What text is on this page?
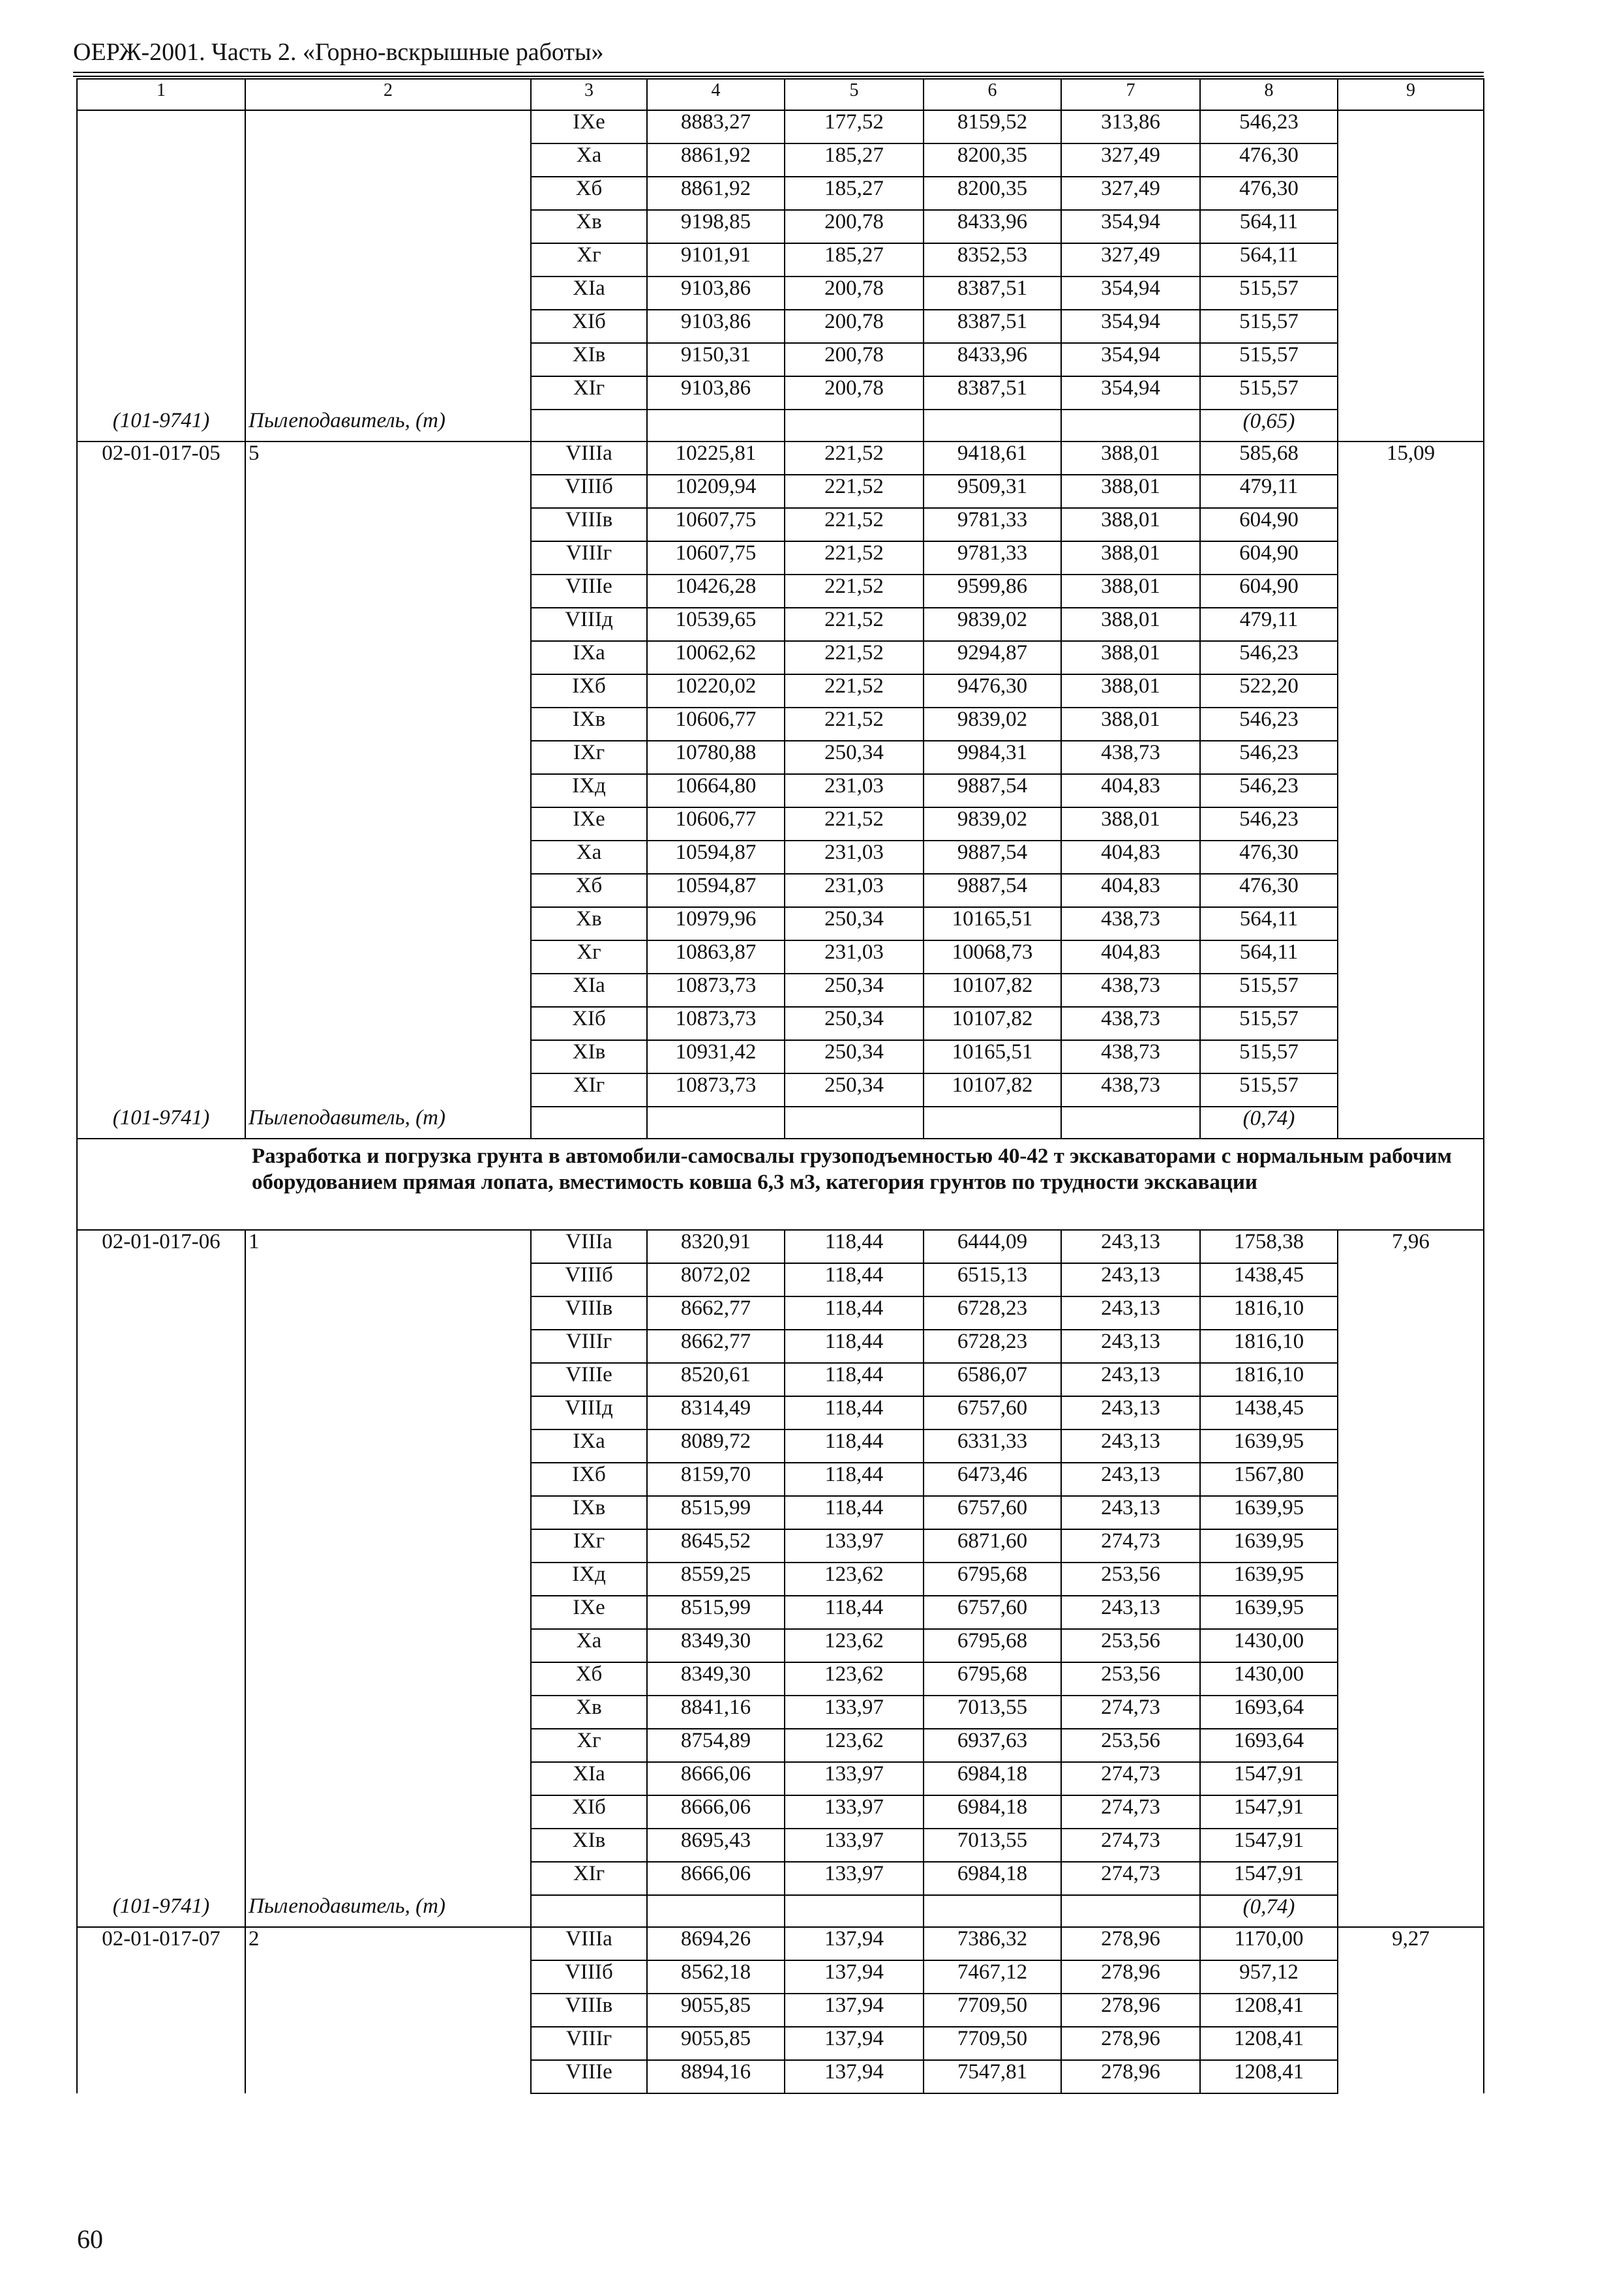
ОЕРЖ-2001. Часть 2. «Горно-вскрышные работы»
1	2	3	4	5	6	7	8	9
		IXе	8883,27	177,52	8159,52	313,86	546,23	
		Xа	8861,92	185,27	8200,35	327,49	476,30	
		Xб	8861,92	185,27	8200,35	327,49	476,30	
		Xв	9198,85	200,78	8433,96	354,94	564,11	
		Xг	9101,91	185,27	8352,53	327,49	564,11	
		XIа	9103,86	200,78	8387,51	354,94	515,57	
		XIб	9103,86	200,78	8387,51	354,94	515,57	
		XIв	9150,31	200,78	8433,96	354,94	515,57	
		XIг	9103,86	200,78	8387,51	354,94	515,57	
(101-9741)	Пылеподавитель, (т)						(0,65)	
02-01-017-05	5	VIIIа	10225,81	221,52	9418,61	388,01	585,68	15,09
		VIIIб	10209,94	221,52	9509,31	388,01	479,11	
		VIIIв	10607,75	221,52	9781,33	388,01	604,90	
		VIIIг	10607,75	221,52	9781,33	388,01	604,90	
		VIIIе	10426,28	221,52	9599,86	388,01	604,90	
		VIIIд	10539,65	221,52	9839,02	388,01	479,11	
		IXа	10062,62	221,52	9294,87	388,01	546,23	
		IXб	10220,02	221,52	9476,30	388,01	522,20	
		IXв	10606,77	221,52	9839,02	388,01	546,23	
		IXг	10780,88	250,34	9984,31	438,73	546,23	
		IXд	10664,80	231,03	9887,54	404,83	546,23	
		IXе	10606,77	221,52	9839,02	388,01	546,23	
		Xа	10594,87	231,03	9887,54	404,83	476,30	
		Xб	10594,87	231,03	9887,54	404,83	476,30	
		Xв	10979,96	250,34	10165,51	438,73	564,11	
		Xг	10863,87	231,03	10068,73	404,83	564,11	
		XIа	10873,73	250,34	10107,82	438,73	515,57	
		XIб	10873,73	250,34	10107,82	438,73	515,57	
		XIв	10931,42	250,34	10165,51	438,73	515,57	
		XIг	10873,73	250,34	10107,82	438,73	515,57	
(101-9741)	Пылеподавитель, (т)						(0,74)	
	Разработка и погрузка грунта в автомобили-самосвалы грузоподъемностью 40-42 т экскаваторами с нормальным рабочим оборудованием прямая лопата, вместимость ковша 6,3 м3, категория грунтов по трудности экскавации							
02-01-017-06	1	VIIIа	8320,91	118,44	6444,09	243,13	1758,38	7,96
		VIIIб	8072,02	118,44	6515,13	243,13	1438,45	
		VIIIв	8662,77	118,44	6728,23	243,13	1816,10	
		VIIIг	8662,77	118,44	6728,23	243,13	1816,10	
		VIIIе	8520,61	118,44	6586,07	243,13	1816,10	
		VIIIд	8314,49	118,44	6757,60	243,13	1438,45	
		IXа	8089,72	118,44	6331,33	243,13	1639,95	
		IXб	8159,70	118,44	6473,46	243,13	1567,80	
		IXв	8515,99	118,44	6757,60	243,13	1639,95	
		IXг	8645,52	133,97	6871,60	274,73	1639,95	
		IXд	8559,25	123,62	6795,68	253,56	1639,95	
		IXе	8515,99	118,44	6757,60	243,13	1639,95	
		Xа	8349,30	123,62	6795,68	253,56	1430,00	
		Xб	8349,30	123,62	6795,68	253,56	1430,00	
		Xв	8841,16	133,97	7013,55	274,73	1693,64	
		Xг	8754,89	123,62	6937,63	253,56	1693,64	
		XIа	8666,06	133,97	6984,18	274,73	1547,91	
		XIб	8666,06	133,97	6984,18	274,73	1547,91	
		XIв	8695,43	133,97	7013,55	274,73	1547,91	
		XIг	8666,06	133,97	6984,18	274,73	1547,91	
(101-9741)	Пылеподавитель, (т)						(0,74)	
02-01-017-07	2	VIIIа	8694,26	137,94	7386,32	278,96	1170,00	9,27
		VIIIб	8562,18	137,94	7467,12	278,96	957,12	
		VIIIв	9055,85	137,94	7709,50	278,96	1208,41	
		VIIIг	9055,85	137,94	7709,50	278,96	1208,41	
		VIIIе	8894,16	137,94	7547,81	278,96	1208,41	
60
